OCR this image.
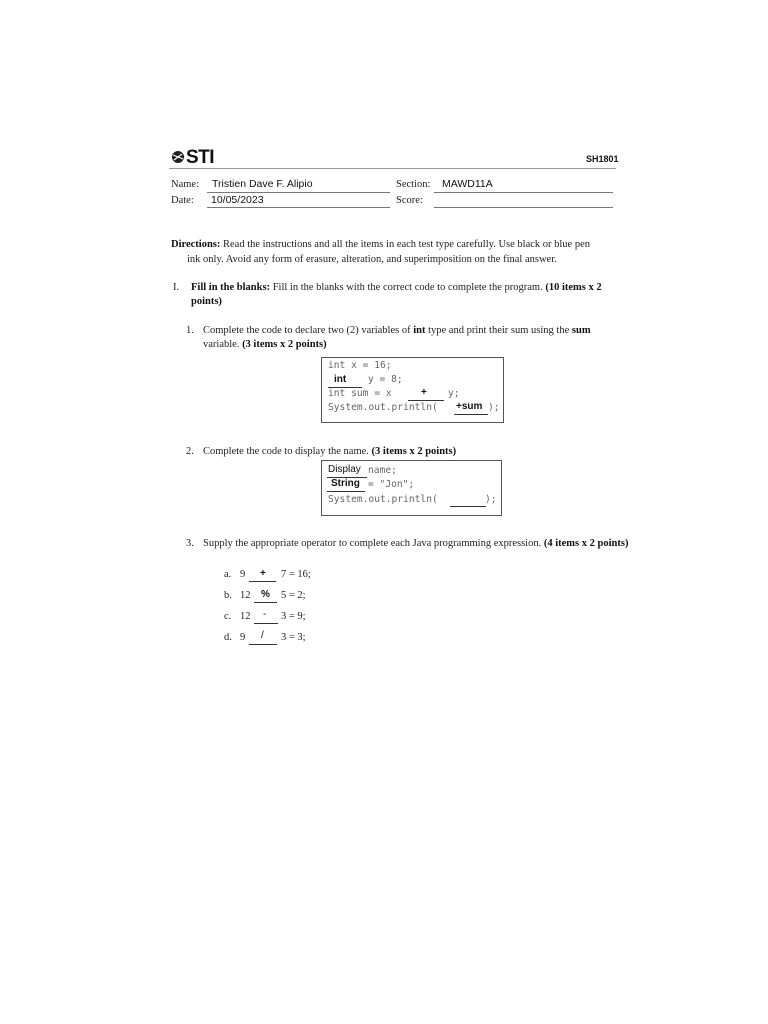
STI	SH1801
Name: Tristien Dave F. Alipio	Section: MAWD11A
Date: 10/05/2023	Score:
Directions: Read the instructions and all the items in each test type carefully. Use black or blue pen
ink only. Avoid any form of erasure, alteration, and superimposition on the final answer.
I. Fill in the blanks: Fill in the blanks with the correct code to complete the program. (10 items x 2
points)
1. Complete the code to declare two (2) variables of int type and print their sum using the sum
variable. (3 items x 2 points)
int x = 16;
int y = 8;
int sum = x	+ y;
System.out.println( +sum );
2. Complete the code to display the name. (3 items x 2 points)
Display name;
String = "Jon";
System.out.println(	);
3. Supply the appropriate operator to complete each Java programming expression. (4 items x 2 points)
a. 9 + 7 = 16;
b. 12 % 5 = 2;
c. 12 - 3 = 9;
d. 9 / 3 = 3;
